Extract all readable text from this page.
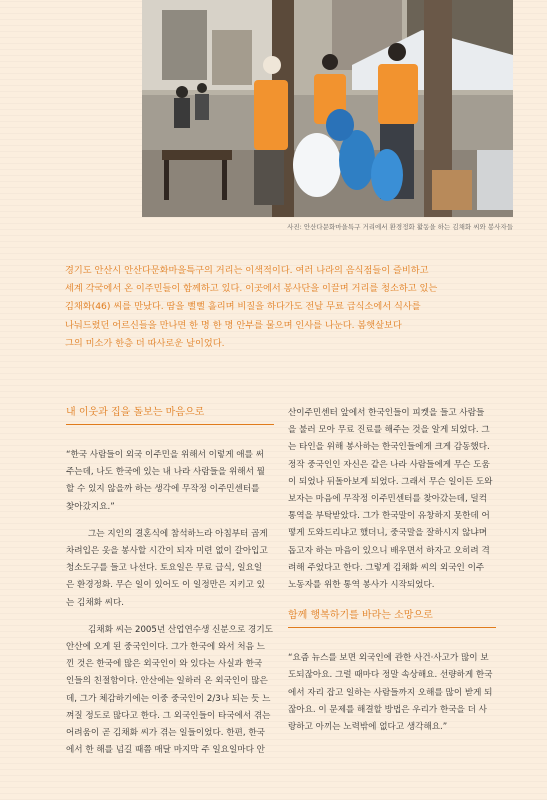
사진: 안산다문화마을특구 거리에서 환경정화 활동을 하는 김채화 씨와 봉사자들

경기도 안산시 안산다문화마을특구의 거리는 이색적이다. 여러 나라의 음식점들이 즐비하고

세계 각국에서 온 이주민들이 함께하고 있다. 이곳에서 봉사단을 이끌며 거리를 청소하고 있는

김채화(46) 씨를 만났다. 땀을 뻘뻘 흘리며 비질을 하다가도 전날 무료 급식소에서 식사를

나눠드렸던 어르신들을 만나면 한 명 한 명 안부를 물으며 인사를 나눈다. 봄햇살보다

그의 미소가 한층 더 따사로운 날이었다.

내 이웃과 집을 돌보는 마음으로

“한국 사람들이 외국 이주민을 위해서 이렇게 애를 써

주는데, 나도 한국에 있는 내 나라 사람들을 위해서 뭘

할 수 있지 않을까 하는 생각에 무작정 이주민센터를

찾아갔지요.”

그는 지인의 결혼식에 참석하느라 아침부터 곱게

차려입은 옷을 봉사할 시간이 되자 미련 없이 갈아입고

청소도구를 들고 나선다. 토요일은 무료 급식, 일요일

은 환경정화. 무슨 일이 있어도 이 일정만은 지키고 있

는 김채화 씨다.

김채화 씨는 2005년 산업연수생 신분으로 경기도

안산에 오게 된 중국인이다. 그가 한국에 와서 처음 느

낀 것은 한국에 많은 외국인이 와 있다는 사실과 한국

인들의 친절함이다. 안산에는 일하러 온 외국인이 많은

데, 그가 체감하기에는 이중 중국인이 2/3나 되는 듯 느

껴질 정도로 많다고 한다. 그 외국인들이 타국에서 겪는

어려움이 곧 김채화 씨가 겪는 일들이었다. 한편, 한국

에서 한 해를 넘길 때쯤 매달 마지막 주 일요일마다 안

산이주민센터 앞에서 한국인들이 피켓을 들고 사람들

을 불러 모아 무료 진료를 해주는 것을 알게 되었다. 그

는 타인을 위해 봉사하는 한국인들에게 크게 감동했다.

정작 중국인인 자신은 같은 나라 사람들에게 무슨 도움

이 되었나 뒤돌아보게 되었다. 그래서 무슨 일이든 도와

보자는 마음에 무작정 이주민센터를 찾아갔는데, 덜컥

통역을 부탁받았다. 그가 한국말이 유창하지 못한데 어

떻게 도와드리냐고 했더니, 중국말을 잘하시지 않냐며

돕고자 하는 마음이 있으니 배우면서 하자고 오히려 격

려해 주었다고 한다. 그렇게 김채화 씨의 외국인 이주

노동자를 위한 통역 봉사가 시작되었다.

함께 행복하기를 바라는 소망으로

“요즘 뉴스를 보면 외국인에 관한 사건·사고가 많이 보

도되잖아요. 그럴 때마다 정말 속상해요. 선량하게 한국

에서 자리 잡고 일하는 사람들까지 오해를 많이 받게 되

잖아요. 이 문제를 해결할 방법은 우리가 한국을 더 사

랑하고 아끼는 노력밖에 없다고 생각해요.”
